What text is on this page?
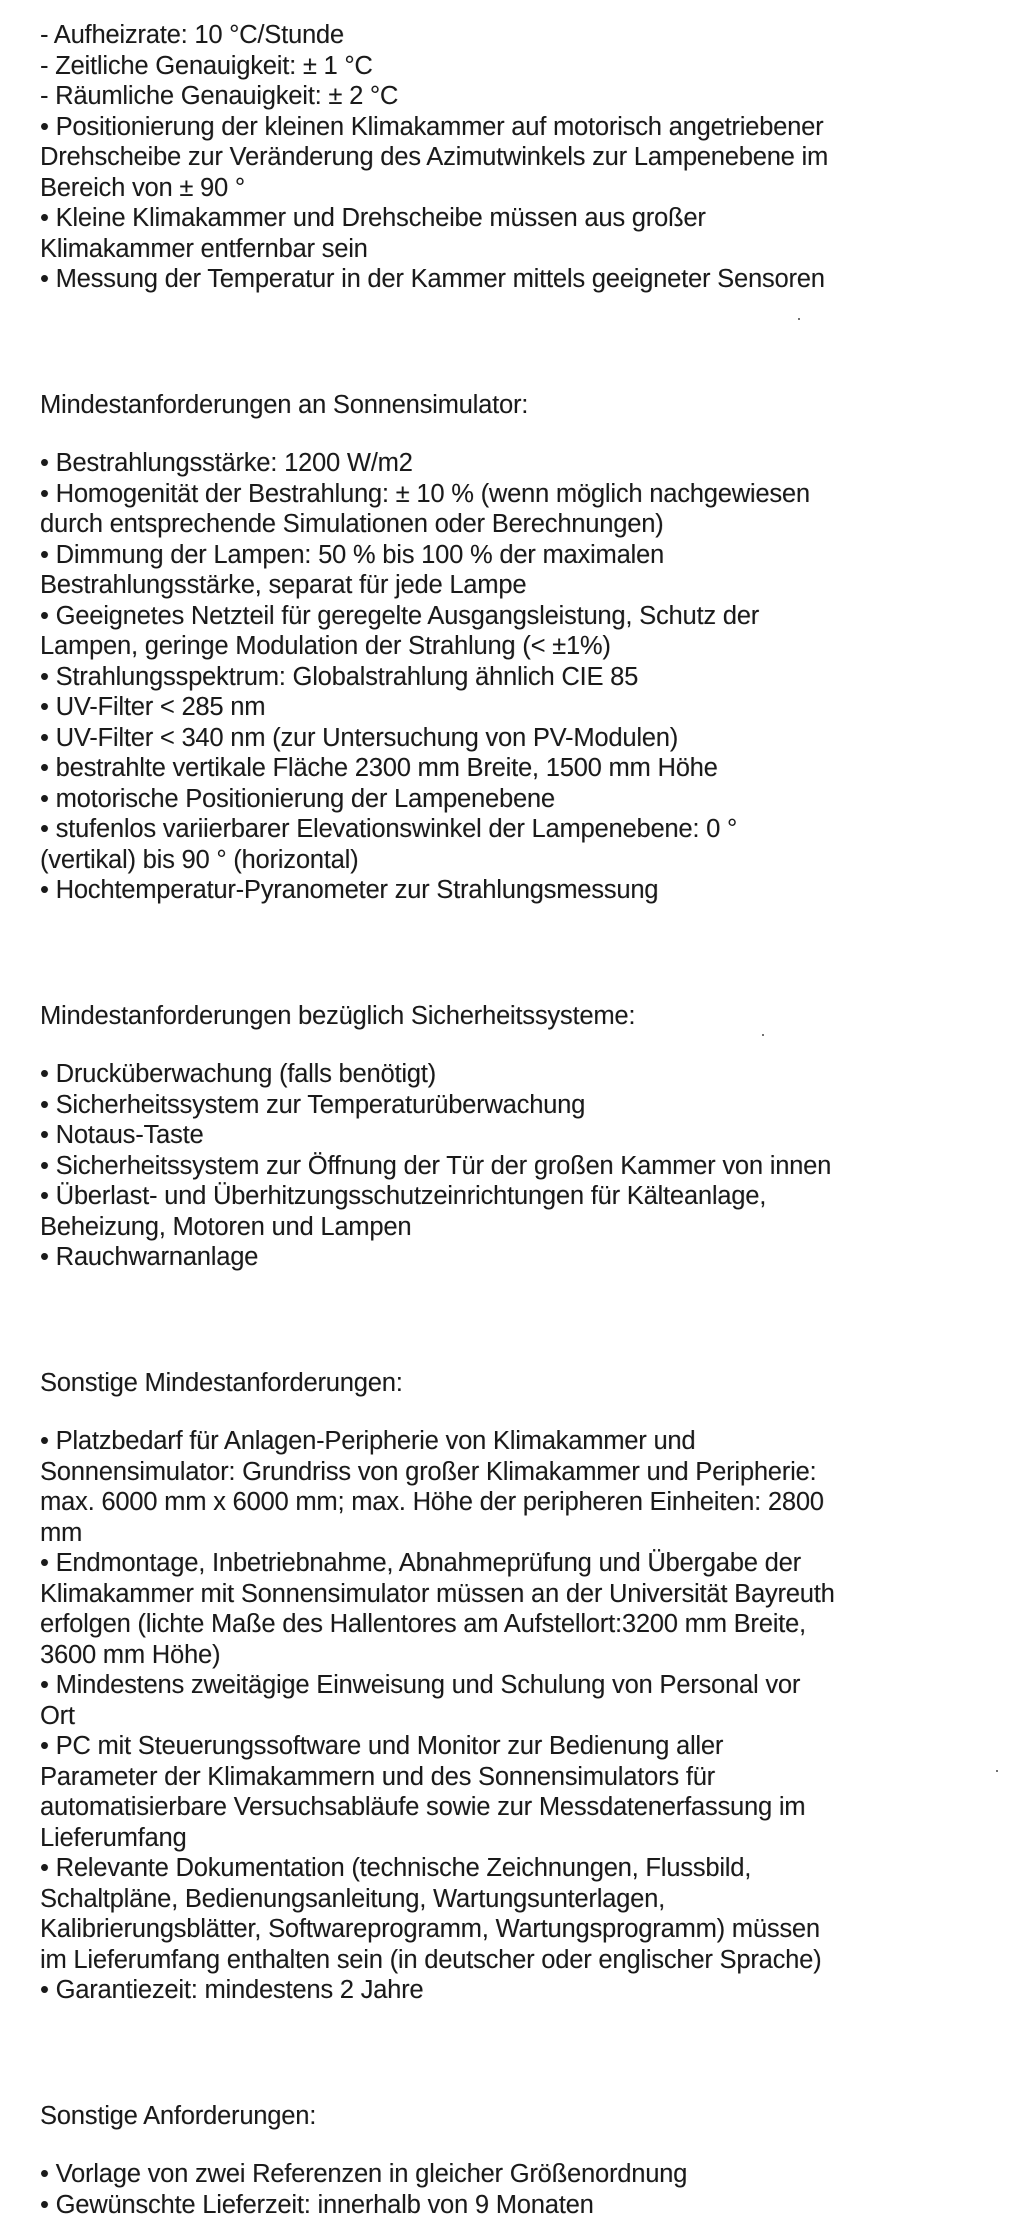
- Aufheizrate: 10 °C/Stunde
- Zeitliche Genauigkeit: ± 1 °C
- Räumliche Genauigkeit: ± 2 °C
• Positionierung der kleinen Klimakammer auf motorisch angetriebener
Drehscheibe zur Veränderung des Azimutwinkels zur Lampenebene im
Bereich von ± 90 °
• Kleine Klimakammer und Drehscheibe müssen aus großer
Klimakammer entfernbar sein
• Messung der Temperatur in der Kammer mittels geeigneter Sensoren
Mindestanforderungen an Sonnensimulator:
• Bestrahlungsstärke: 1200 W/m2
• Homogenität der Bestrahlung: ± 10 % (wenn möglich nachgewiesen
durch entsprechende Simulationen oder Berechnungen)
• Dimmung der Lampen: 50 % bis 100 % der maximalen
Bestrahlungsstärke, separat für jede Lampe
• Geeignetes Netzteil für geregelte Ausgangsleistung, Schutz der
Lampen, geringe Modulation der Strahlung (< ±1%)
• Strahlungsspektrum: Globalstrahlung ähnlich CIE 85
• UV-Filter < 285 nm
• UV-Filter < 340 nm (zur Untersuchung von PV-Modulen)
• bestrahlte vertikale Fläche 2300 mm Breite, 1500 mm Höhe
• motorische Positionierung der Lampenebene
• stufenlos variierbarer Elevationswinkel der Lampenebene: 0 °
(vertikal) bis 90 ° (horizontal)
• Hochtemperatur-Pyranometer zur Strahlungsmessung
Mindestanforderungen bezüglich Sicherheitssysteme:
• Drucküberwachung (falls benötigt)
• Sicherheitssystem zur Temperaturüberwachung
• Notaus-Taste
• Sicherheitssystem zur Öffnung der Tür der großen Kammer von innen
• Überlast- und Überhitzungsschutzeinrichtungen für Kälteanlage,
Beheizung, Motoren und Lampen
• Rauchwarnanlage
Sonstige Mindestanforderungen:
• Platzbedarf für Anlagen-Peripherie von Klimakammer und
Sonnensimulator: Grundriss von großer Klimakammer und Peripherie:
max. 6000 mm x 6000 mm; max. Höhe der peripheren Einheiten: 2800
mm
• Endmontage, Inbetriebnahme, Abnahmeprüfung und Übergabe der
Klimakammer mit Sonnensimulator müssen an der Universität Bayreuth
erfolgen (lichte Maße des Hallentores am Aufstellort:3200 mm Breite,
3600 mm Höhe)
• Mindestens zweitägige Einweisung und Schulung von Personal vor
Ort
• PC mit Steuerungssoftware und Monitor zur Bedienung aller
Parameter der Klimakammern und des Sonnensimulators für
automatisierbare Versuchsabläufe sowie zur Messdatenerfassung im
Lieferumfang
• Relevante Dokumentation (technische Zeichnungen, Flussbild,
Schaltpläne, Bedienungsanleitung, Wartungsunterlagen,
Kalibrierungsblätter, Softwareprogramm, Wartungsprogramm) müssen
im Lieferumfang enthalten sein (in deutscher oder englischer Sprache)
• Garantiezeit: mindestens 2 Jahre
Sonstige Anforderungen:
• Vorlage von zwei Referenzen in gleicher Größenordnung
• Gewünschte Lieferzeit: innerhalb von 9 Monaten
